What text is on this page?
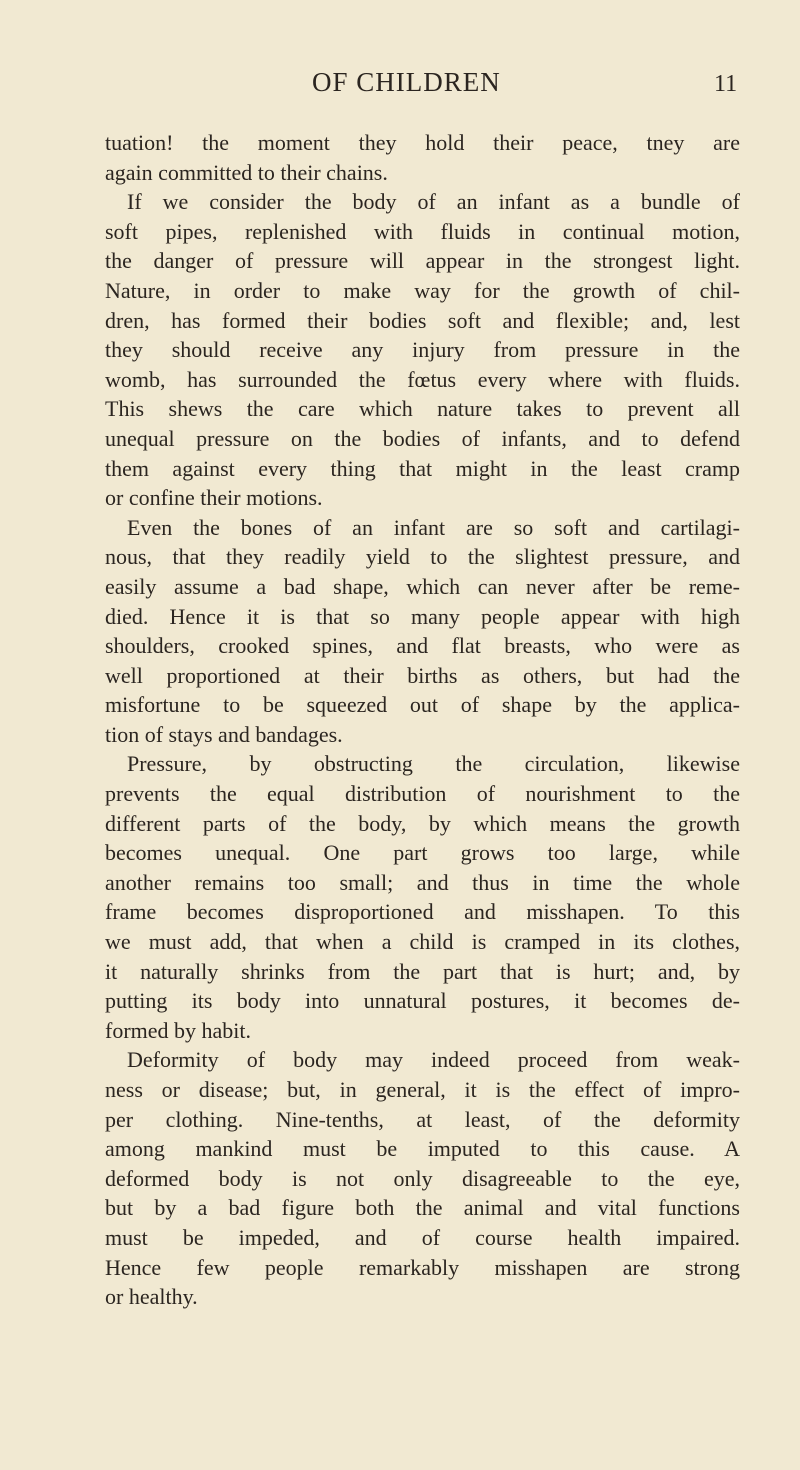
OF CHILDREN	11
tuation! the moment they hold their peace, tney are
again committed to their chains.
If we consider the body of an infant as a bundle of
soft pipes, replenished with fluids in continual motion,
the danger of pressure will appear in the strongest light.
Nature, in order to make way for the growth of chil-
dren, has formed their bodies soft and flexible; and, lest
they should receive any injury from pressure in the
womb, has surrounded the fœtus every where with fluids.
This shews the care which nature takes to prevent all
unequal pressure on the bodies of infants, and to defend
them against every thing that might in the least cramp
or confine their motions.
Even the bones of an infant are so soft and cartilagi-
nous, that they readily yield to the slightest pressure, and
easily assume a bad shape, which can never after be reme-
died. Hence it is that so many people appear with high
shoulders, crooked spines, and flat breasts, who were as
well proportioned at their births as others, but had the
misfortune to be squeezed out of shape by the applica-
tion of stays and bandages.
Pressure, by obstructing the circulation, likewise
prevents the equal distribution of nourishment to the
different parts of the body, by which means the growth
becomes unequal. One part grows too large, while
another remains too small; and thus in time the whole
frame becomes disproportioned and misshapen. To this
we must add, that when a child is cramped in its clothes,
it naturally shrinks from the part that is hurt; and, by
putting its body into unnatural postures, it becomes de-
formed by habit.
Deformity of body may indeed proceed from weak-
ness or disease; but, in general, it is the effect of impro-
per clothing. Nine-tenths, at least, of the deformity
among mankind must be imputed to this cause. A
deformed body is not only disagreeable to the eye,
but by a bad figure both the animal and vital functions
must be impeded, and of course health impaired.
Hence few people remarkably misshapen are strong
or healthy.
